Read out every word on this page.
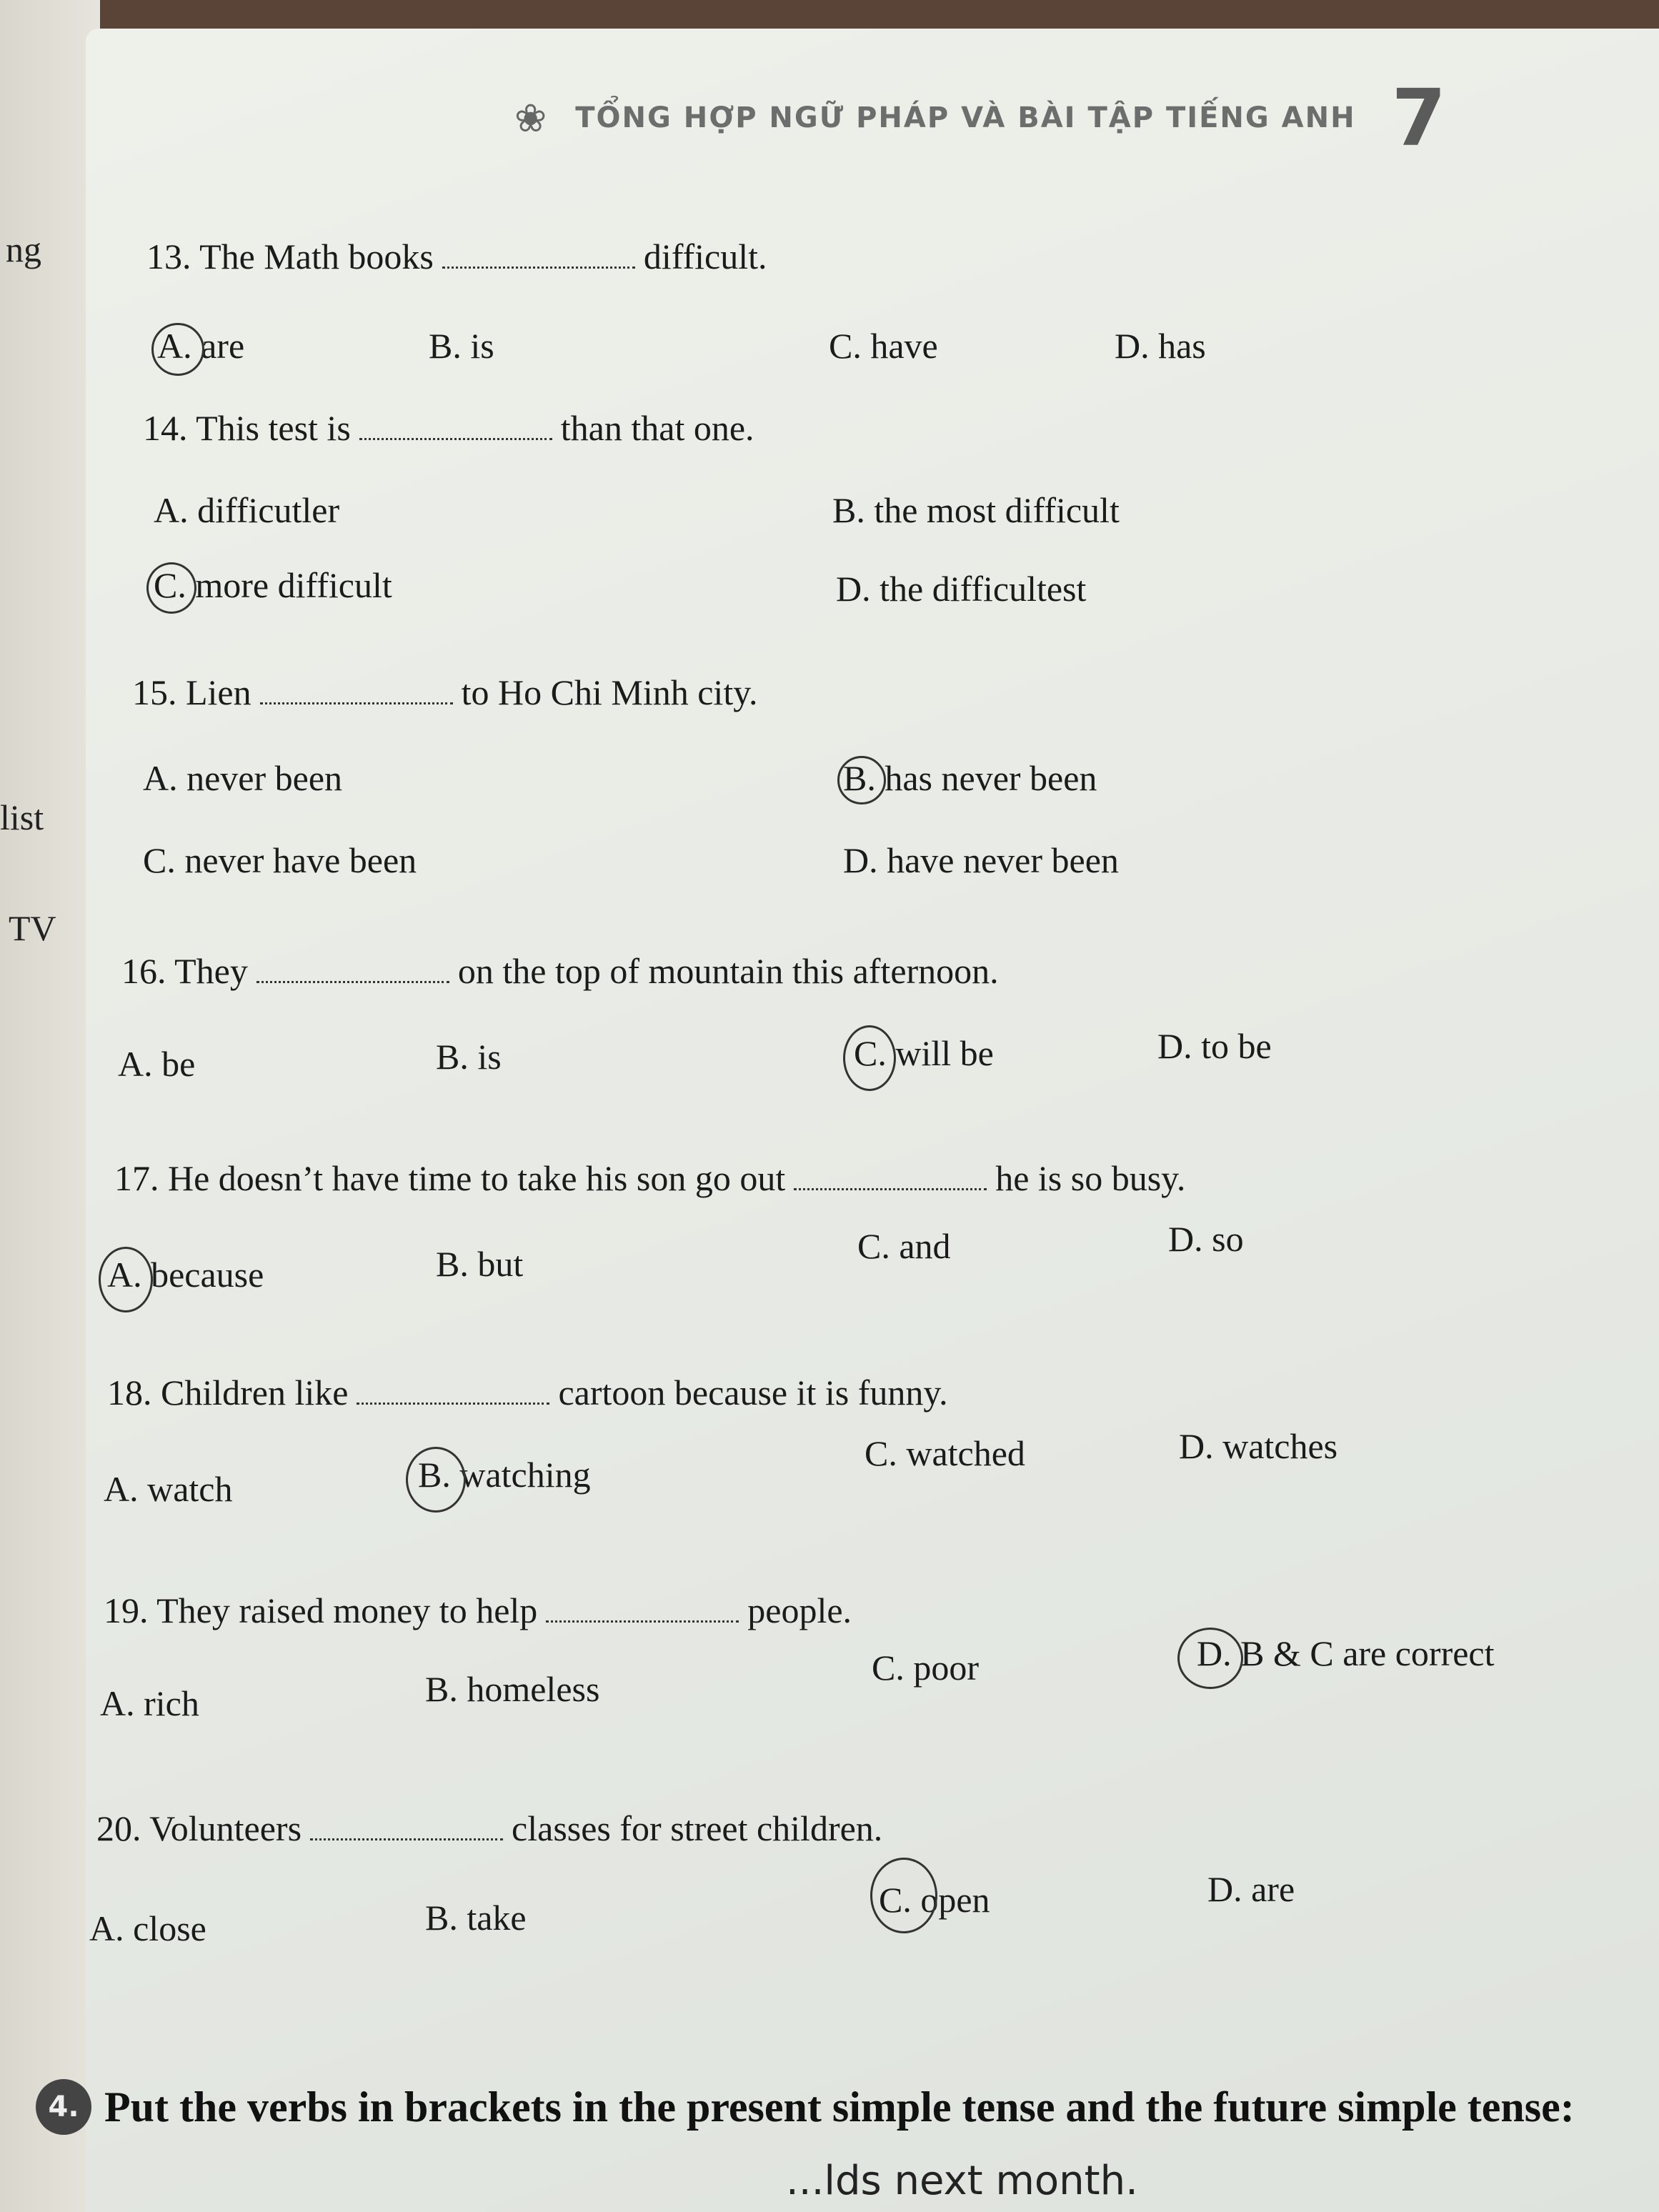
ng
list
TV
❀ TỔNG HỢP NGỮ PHÁP VÀ BÀI TẬP TIẾNG ANH 7
13. The Math books	difficult.
A. are	B. is	C. have	D. has
14. This test is	than that one.
A. difficutler	B. the most difficult
C. more difficult	D. the difficultest
15. Lien	to Ho Chi Minh city.
A. never been	B. has never been
C. never have been	D. have never been
16. They	on the top of mountain this afternoon.
A. be	B. is	C. will be	D. to be
17. He doesn’t have time to take his son go out	he is so busy.
A. because	B. but	C. and	D. so
18. Children like	cartoon because it is funny.
A. watch	B. watching
C. watched	D. watches
19. They raised money to help	people.
A. rich	B. homeless
C. poor	D. B & C are correct
20. Volunteers	classes for street children.
A. close	B. take	C. open	D. are
4. Put the verbs in brackets in the present simple tense and the future simple tense:
...lds next month.
